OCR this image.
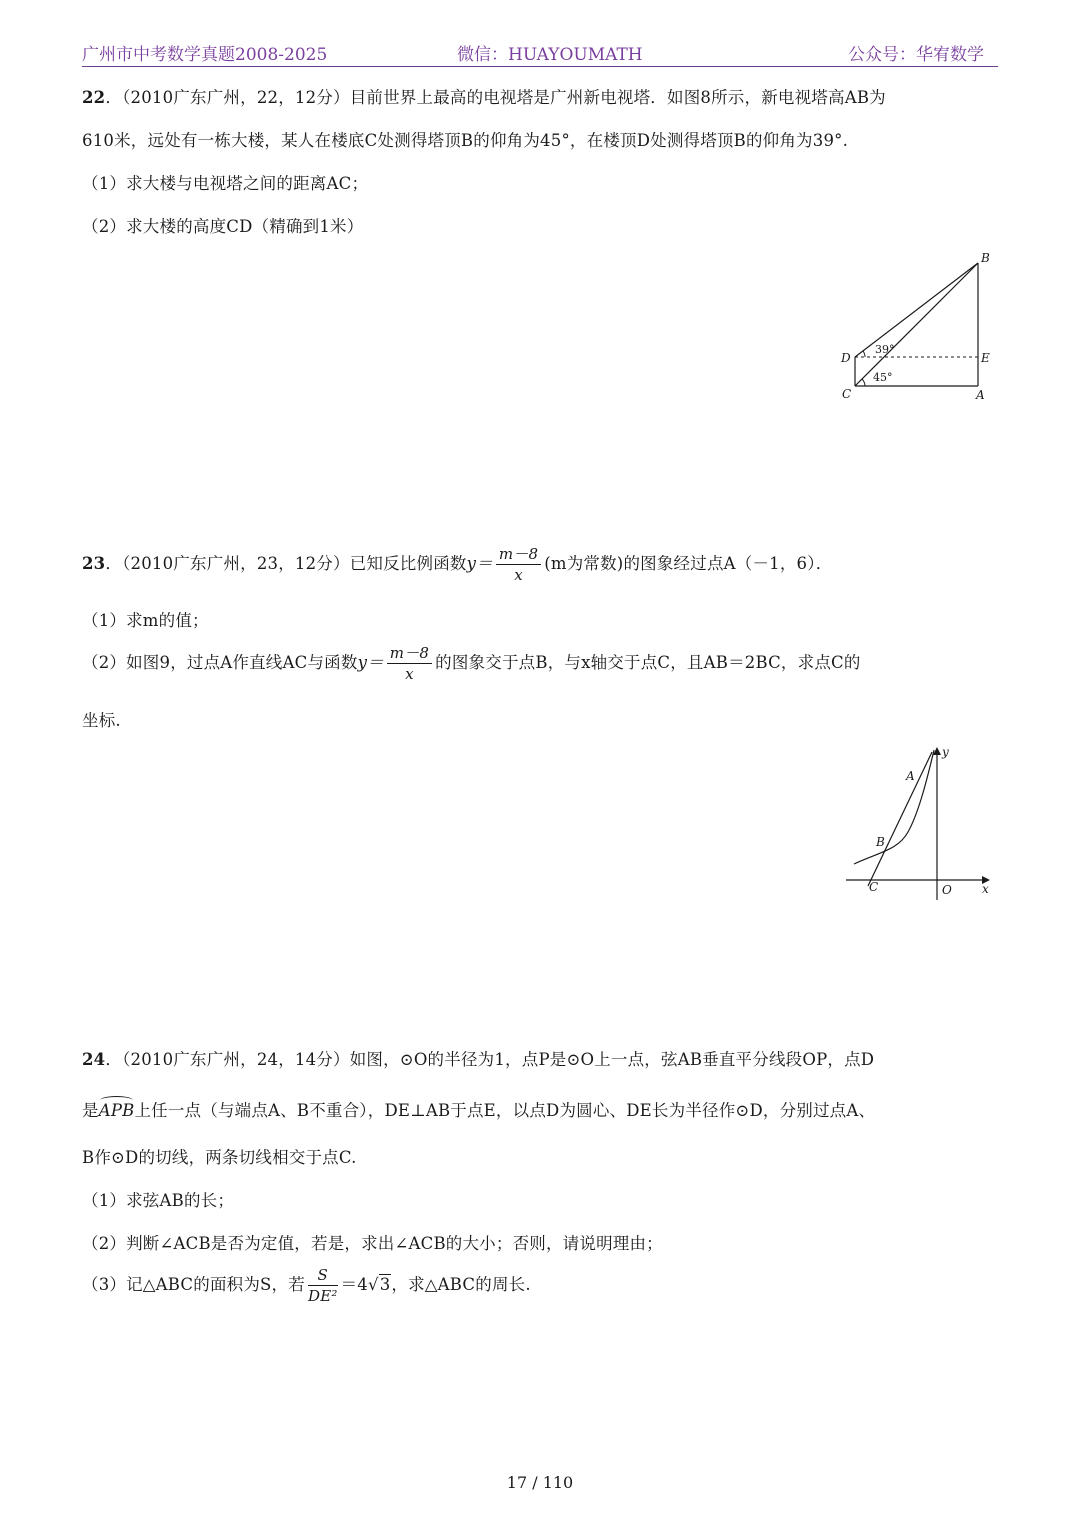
广州市中考数学真题2008-2025	微信：HUAYOUMATH	公众号：华宥数学
22．（2010广东广州，22，12分）目前世界上最高的电视塔是广州新电视塔．如图8所示，新电视塔高AB为
610米，远处有一栋大楼，某人在楼底C处测得塔顶B的仰角为45°，在楼顶D处测得塔顶B的仰角为39°.
（1）求大楼与电视塔之间的距离AC；
（2）求大楼的高度CD（精确到1米）
B
D	E
C	A
39°
45°
23．（2010广东广州，23，12分）已知反比例函数$y= \frac{m-8}{x} (m$为常数)的图象经过点A（－1，6）．
（1）求m的值；
（2）如图9，过点A作直线AC与函数$y= \frac{m-8}{x}$ 的图象交于点B，与x轴交于点C，且AB＝2BC，求点C的
坐标.
y
A
B
C	O	x
24．（2010广东广州，24，14分）如图，⊙O的半径为1，点P是⊙O上一点，弦AB垂直平分线段OP，点D
是APB上任一点（与端点A、B不重合），DE⊥AB于点E，以点D为圆心、DE长为半径作⊙D，分别过点A、
B作⊙D的切线，两条切线相交于点C.
（1）求弦AB的长；
（2）判断∠ACB是否为定值，若是，求出∠ACB的大小；否则，请说明理由；
（3）记△ABC的面积为S，若 $\frac{S}{\text{DE²}} =4√3$，求△ABC的周长.
17 / 110
